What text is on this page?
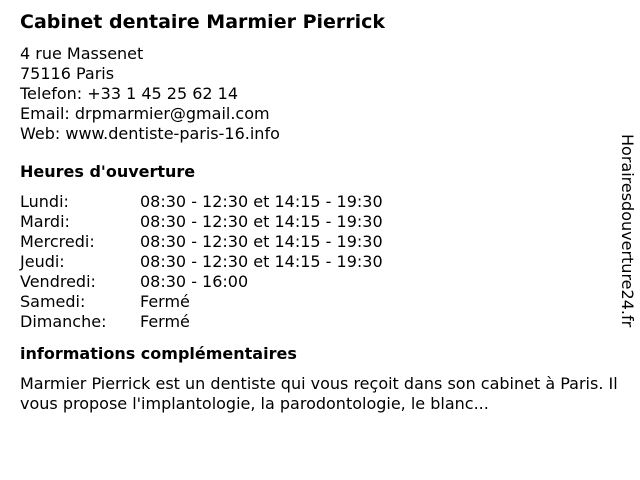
Cabinet dentaire Marmier Pierrick
4 rue Massenet
75116 Paris
Telefon: +33 1 45 25 62 14
Email: drpmarmier@gmail.com
Web: www.dentiste-paris-16.info
Heures d'ouverture
Lundi:	08:30 - 12:30 et 14:15 - 19:30
Mardi:	08:30 - 12:30 et 14:15 - 19:30
Mercredi:	08:30 - 12:30 et 14:15 - 19:30
Jeudi:	08:30 - 12:30 et 14:15 - 19:30
Vendredi:	08:30 - 16:00
Samedi:	Fermé
Dimanche:	Fermé
informations complémentaires
Marmier Pierrick est un dentiste qui vous reçoit dans son cabinet à Paris. Il vous propose l'implantologie, la parodontologie, le blanc...
Horairesdouverture24.fr
